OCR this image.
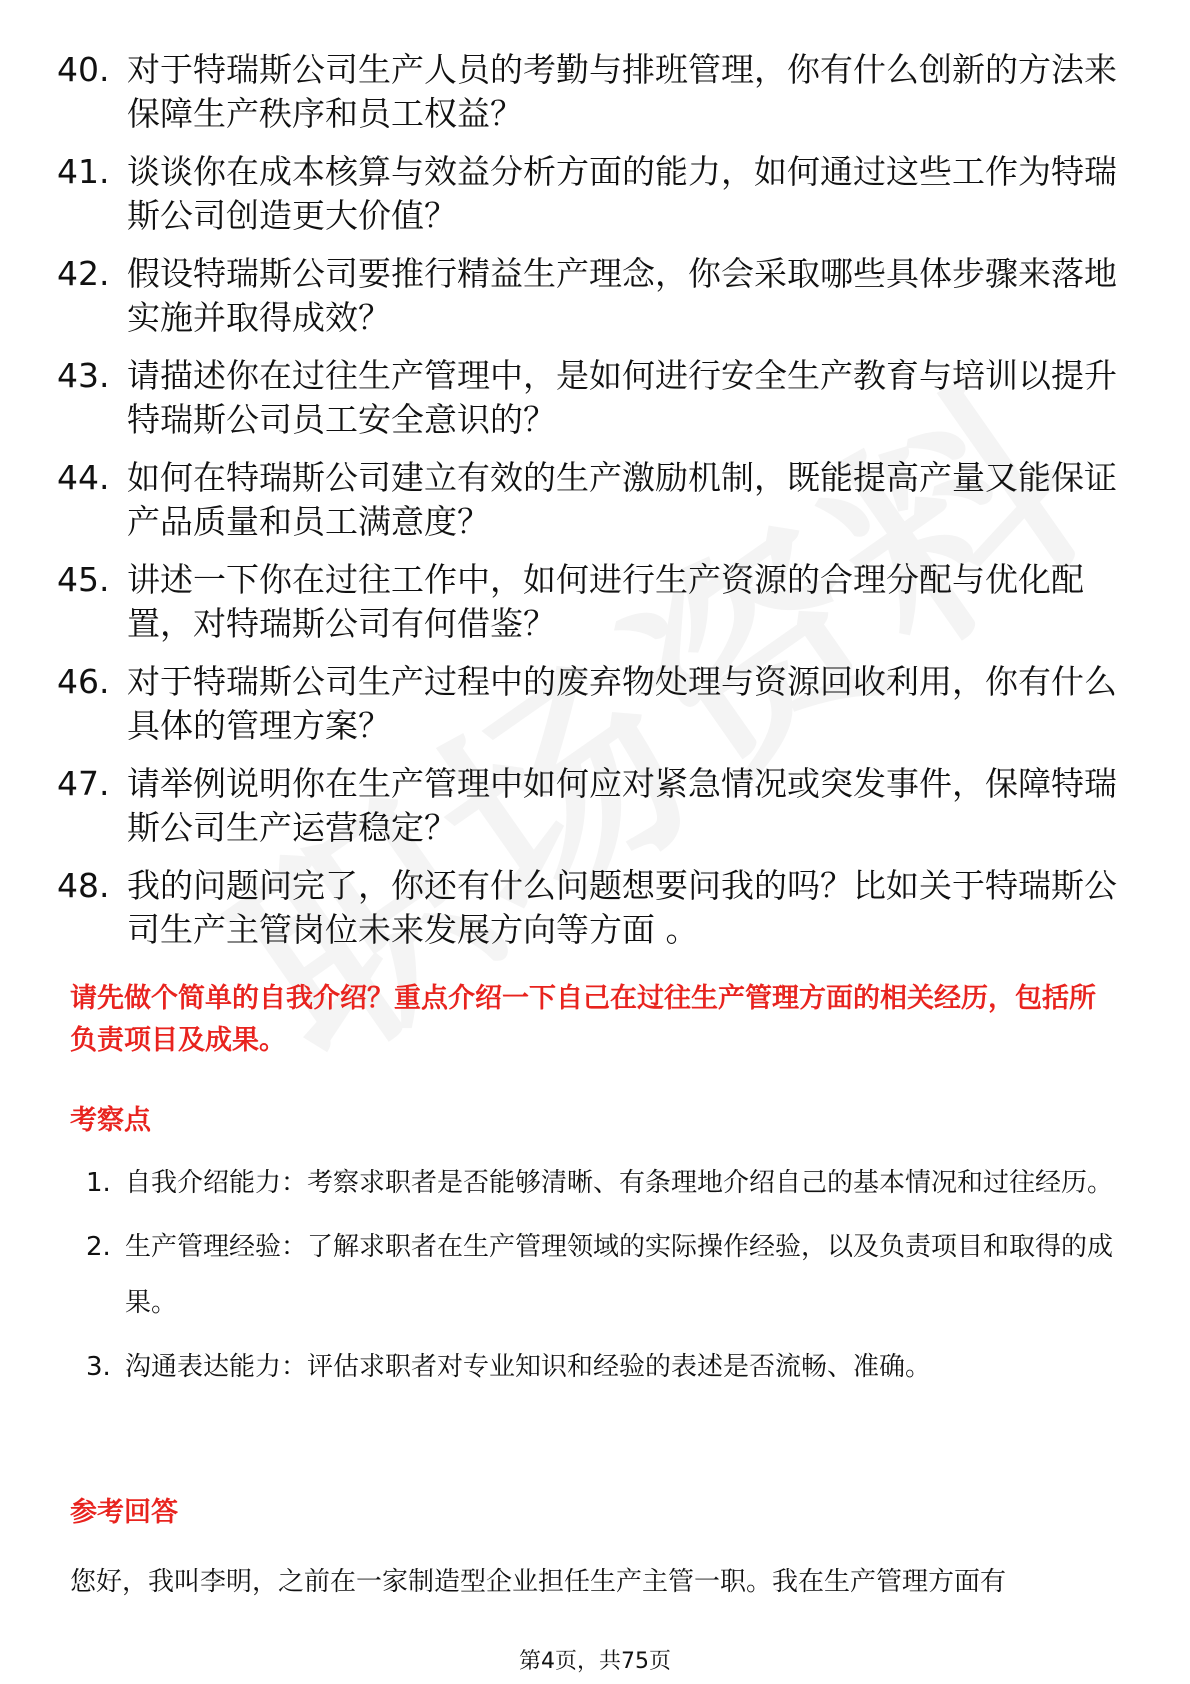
40. 对于特瑞斯公司生产人员的考勤与排班管理，你有什么创新的方法来保障生产秩序和员工权益？
41. 谈谈你在成本核算与效益分析方面的能力，如何通过这些工作为特瑞斯公司创造更大价值？
42. 假设特瑞斯公司要推行精益生产理念，你会采取哪些具体步骤来落地实施并取得成效？
43. 请描述你在过往生产管理中，是如何进行安全生产教育与培训以提升特瑞斯公司员工安全意识的？
44. 如何在特瑞斯公司建立有效的生产激励机制，既能提高产量又能保证产品质量和员工满意度？
45. 讲述一下你在过往工作中，如何进行生产资源的合理分配与优化配置，对特瑞斯公司有何借鉴？
46. 对于特瑞斯公司生产过程中的废弃物处理与资源回收利用，你有什么具体的管理方案？
47. 请举例说明你在生产管理中如何应对紧急情况或突发事件，保障特瑞斯公司生产运营稳定？
48. 我的问题问完了，你还有什么问题想要问我的吗？比如关于特瑞斯公司生产主管岗位未来发展方向等方面 。
请先做个简单的自我介绍？重点介绍一下自己在过往生产管理方面的相关经历，包括所负责项目及成果。
考察点
1. 自我介绍能力：考察求职者是否能够清晰、有条理地介绍自己的基本情况和过往经历。
2. 生产管理经验：了解求职者在生产管理领域的实际操作经验，以及负责项目和取得的成果。
3. 沟通表达能力：评估求职者对专业知识和经验的表述是否流畅、准确。
参考回答

您好，我叫李明，之前在一家制造型企业担任生产主管一职。我在生产管理方面有

第4页，共75页
